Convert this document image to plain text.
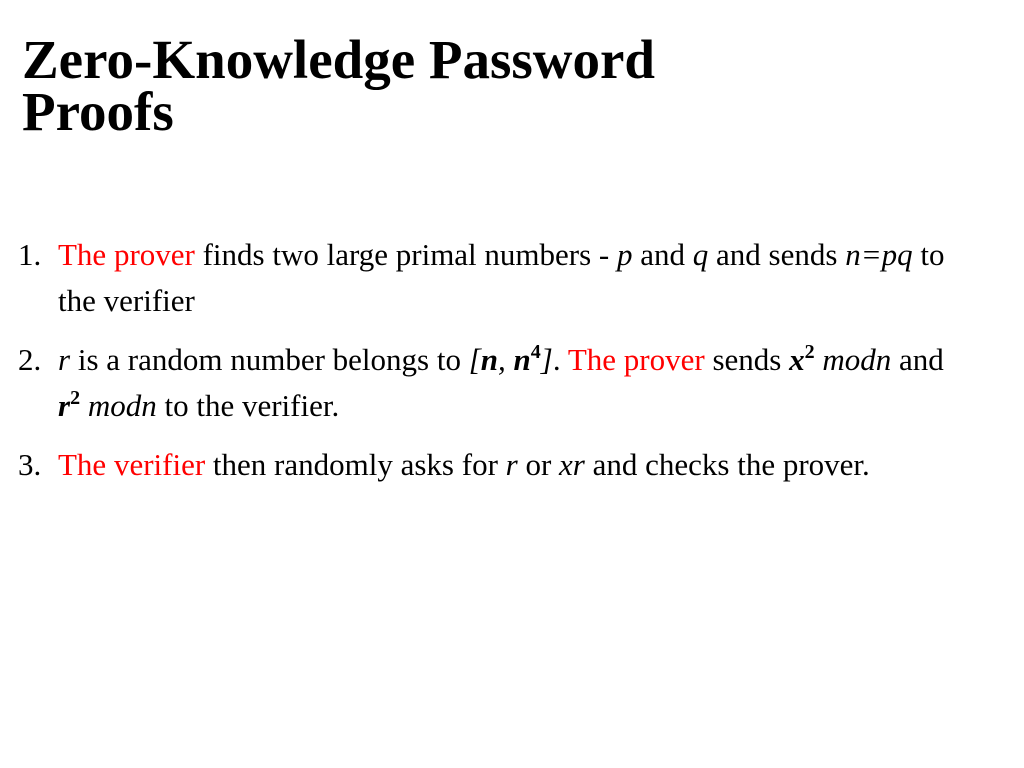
Zero-Knowledge Password
Proofs
1. The prover finds two large primal numbers - p and q and sends n=pq to the verifier
2. r is a random number belongs to [n, $n^4$]. The prover sends $x^2$ modn and $r^2$ modn to the verifier.
3. The verifier then randomly asks for r or xr and checks the prover.
